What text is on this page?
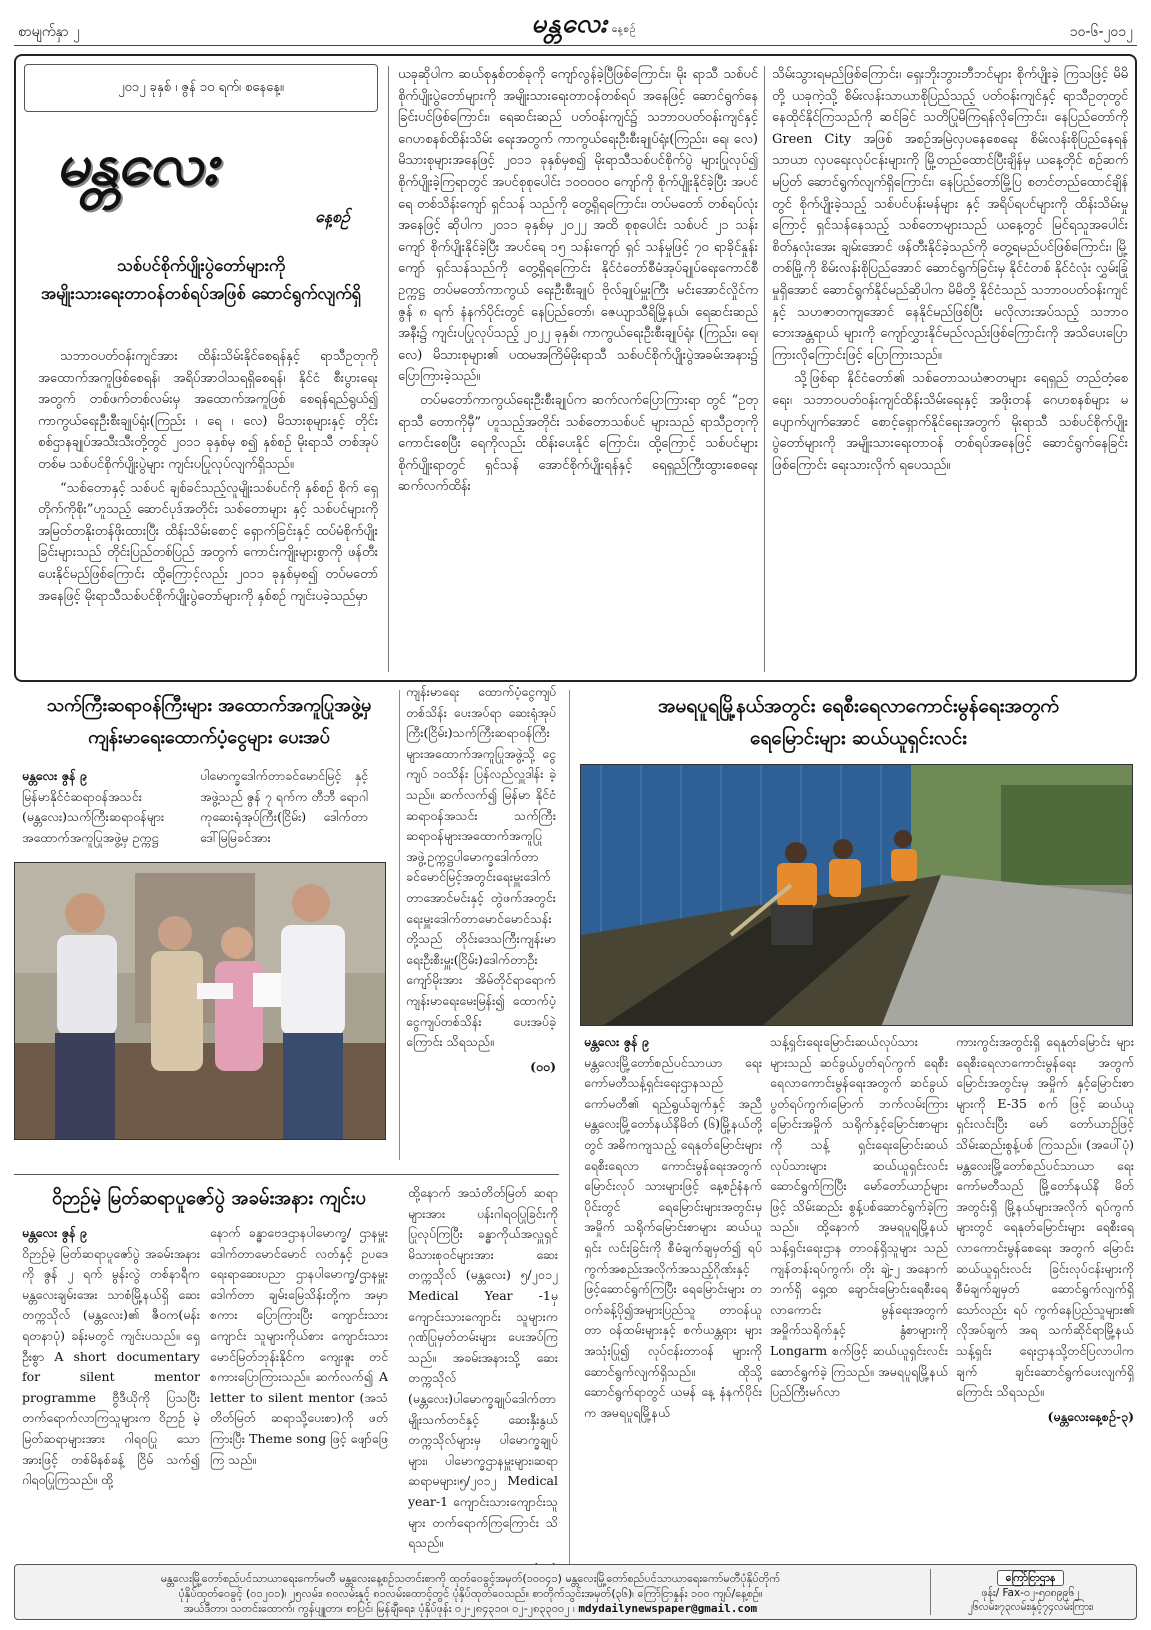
စာမျက်နှာ ၂	မန္တလေး နေ့စဉ်	၁၀-၆-၂၀၁၂
၂၀၁၂ ခုနှစ် ၊ ဇွန် ၁၀ ရက်၊ စနေနေ့။
မန္တလေး
နေ့စဉ်
သစ်ပင်စိုက်ပျိုးပွဲတော်များကို
အမျိုးသားရေးတာဝန်တစ်ရပ်အဖြစ် ဆောင်ရွက်လျက်ရှိ

သဘာဝပတ်ဝန်းကျင်အား ထိန်းသိမ်းနိုင်စေရန်နှင့် ရာသီဥတုကို အထောက်အကူဖြစ်စေရန်၊ အရိပ်အာဝါသရရှိစေရန်၊ နိုင်ငံ စီးပွားရေးအတွက် တစ်ဖက်တစ်လမ်းမှ အထောက်အကူဖြစ် စေရန်ရည်ရွယ်၍ ကာကွယ်ရေးဦးစီးချုပ်ရုံး(ကြည်း ၊ ရေ ၊ လေ) မိသားစုများနှင့် တိုင်းစစ်ဌာနချုပ်အသီးသီးတို့တွင် ၂၀၁၁ ခုနှစ်မှ စ၍ နှစ်စဉ် မိုးရာသီ တစ်အုပ်တစ်မ သစ်ပင်စိုက်ပျိုးပွဲများ ကျင်းပပြုလုပ်လျက်ရှိသည်။

“သစ်တောနှင့် သစ်ပင် ချစ်ခင်သည့်လူမျိုးသစ်ပင်ကို နှစ်စဉ် စိုက် ရှေ့တိုက်ကိုစိုး”ဟူသည့် ဆောင်ပုဒ်အတိုင်း သစ်တောများ နှင့် သစ်ပင်များကို အမြတ်တနိုးတန်ဖိုးထားပြီး ထိန်းသိမ်းစောင့် ရှောက်ခြင်းနှင့် ထပ်မံစိုက်ပျိုးခြင်းများသည် တိုင်းပြည်တစ်ပြည် အတွက် ကောင်းကျိုးများစွာကို ဖန်တီးပေးနိုင်မည်ဖြစ်ကြောင်း ထို့ကြောင့်လည်း ၂၀၁၁ ခုနှစ်မှစ၍ တပ်မတော်အနေဖြင့် မိုးရာသီသစ်ပင်စိုက်ပျိုးပွဲတော်များကို နှစ်စဉ် ကျင်းပခဲ့သည်မှာ

ယခုဆိုပါက ဆယ်စုနှစ်တစ်ခုကို ကျော်လွန်ခဲ့ပြီဖြစ်ကြောင်း၊ မိုး ရာသီ သစ်ပင်စိုက်ပျိုးပွဲတော်များကို အမျိုးသားရေးတာဝန်တစ်ရပ် အနေဖြင့် ဆောင်ရွက်နေခြင်းပင်ဖြစ်ကြောင်း၊ ရေဆင်းဆည် ပတ်ဝန်းကျင်၌ သဘာဝပတ်ဝန်းကျင်နှင့် ဂေဟစနစ်ထိန်းသိမ်း ရေးအတွက် ကာကွယ်ရေးဦးစီးချုပ်ရုံး(ကြည်း၊ ရေ၊ လေ) မိသားစုများအနေဖြင့် ၂၀၁၁ ခုနှစ်မှစ၍ မိုးရာသီသစ်ပင်စိုက်ပွဲ များပြုလုပ်၍ စိုက်ပျိုးခဲ့ကြရာတွင် အပင်စုစုပေါင်း ၁၀၀၀၀၀ ကျော်ကို စိုက်ပျိုးနိုင်ခဲ့ပြီး အပင်ရေ တစ်သိန်းကျော် ရှင်သန် သည်ကို တွေ့ရှိရကြောင်း၊ တပ်မတော် တစ်ရပ်လုံးအနေဖြင့် ဆိုပါက ၂၀၁၁ ခုနှစ်မှ ၂၀၂၂ အထိ စုစုပေါင်း သစ်ပင် ၂၁ သန်းကျော် စိုက်ပျိုးနိုင်ခဲ့ပြီး အပင်ရေ ၁၅ သန်းကျော် ရှင် သန်မှုဖြင့် ၇၀ ရာခိုင်နှုန်းကျော် ရှင်သန်သည်ကို တွေ့ရှိရကြောင်း နိုင်ငံတော်စီမံအုပ်ချုပ်ရေးကောင်စီဥက္ကဋ္ဌ တပ်မတော်ကာကွယ် ရေးဦးစီးချုပ် ဗိုလ်ချုပ်မှူးကြီး မင်းအောင်လှိုင်က ဇွန် ၈ ရက် နံနက်ပိုင်းတွင် နေပြည်တော်၊ ဇေယျာသီရိမြို့နယ်၊ ရေဆင်းဆည် အနီး၌ ကျင်းပပြုလုပ်သည့် ၂၀၂၂ ခုနှစ်၊ ကာကွယ်ရေးဦးစီးချုပ်ရုံး (ကြည်း၊ ရေ၊ လေ) မိသားစုများ၏ ပထမအကြိမ်မိုးရာသီ သစ်ပင်စိုက်ပျိုးပွဲအခမ်းအနား၌ ပြောကြားခဲ့သည်။

တပ်မတော်ကာကွယ်ရေးဦးစီးချုပ်က ဆက်လက်ပြောကြားရာ တွင် “ဥတုရာသီ တောကိုမှီ” ဟူသည့်အတိုင်း သစ်တောသစ်ပင် များသည် ရာသီဥတုကိုကောင်းစေပြီး ရေကိုလည်း ထိန်းပေးနိုင် ကြောင်း၊ ထို့ကြောင့် သစ်ပင်များစိုက်ပျိုးရာတွင် ရှင်သန် အောင်စိုက်ပျိုးရန်နှင့် ရေရှည်ကြီးထွားစေရေး ဆက်လက်ထိန်း

သိမ်းသွားရမည်ဖြစ်ကြောင်း၊ ရှေးဘိုးဘွားဘီဘင်များ စိုက်ပျိုးခဲ့ ကြသဖြင့် မိမိတို့ ယခုကဲ့သို့ စိမ်းလန်းသာယာစိုပြည်သည့် ပတ်ဝန်းကျင်နှင့် ရာသီဥတုတွင် နေထိုင်နိုင်ကြသည်ကို ဆင်ခြင် သတိပြုမိကြရန်လိုကြောင်း၊ နေပြည်တော်ကို Green City အဖြစ် အစဉ်အမြဲလှပနေစေရေး စိမ်းလန်းစိုပြည်နေရန် သာယာ လှပရေးလုပ်ငန်းများကို မြို့တည်ထောင်ပြီးချိန်မှ ယနေ့တိုင် စဉ်ဆက်မပြတ် ဆောင်ရွက်လျက်ရှိကြောင်း၊ နေပြည်တော်မြို့ပြ စတင်တည်ထောင်ချိန်တွင် စိုက်ပျိုးခဲ့သည့် သစ်ပင်ပန်းမန်များ နှင့် အရိပ်ရပင်များကို ထိန်းသိမ်းမှုကြောင့် ရှင်သန်နေသည့် သစ်တောများသည် ယနေ့တွင် မြင်ရသူအပေါင်း စိတ်နှလုံးအေး ချမ်းအောင် ဖန်တီးနိုင်ခဲ့သည်ကို တွေ့ရမည်ပင်ဖြစ်ကြောင်း၊ မြို့တစ်မြို့ကို စိမ်းလန်းစိုပြည်အောင် ဆောင်ရွက်ခြင်းမှ နိုင်ငံတစ် နိုင်ငံလုံး လွှမ်းခြုံမှုရှိအောင် ဆောင်ရွက်နိုင်မည်ဆိုပါက မိမိတို့ နိုင်ငံသည် သဘာဝပတ်ဝန်းကျင်နှင့် သဟဇာတကျအောင် နေနိုင်မည်ဖြစ်ပြီး မလိုလားအပ်သည့် သဘာဝဘေးအန္တရာယ် များကို ကျော်လွှားနိုင်မည်လည်းဖြစ်ကြောင်းကို အသိပေးပြော ကြားလိုကြောင်းဖြင့် ပြောကြားသည်။

သို့ဖြစ်ရာ နိုင်ငံတော်၏ သစ်တောသယံဇာတများ ရေရှည် တည်တံ့စေရေး၊ သဘာဝပတ်ဝန်းကျင်ထိန်းသိမ်းရေးနှင့် အဖိုးတန် ဂေဟစနစ်များ မပျောက်ပျက်အောင် စောင့်ရှောက်နိုင်ရေးအတွက် မိုးရာသီ သစ်ပင်စိုက်ပျိုးပွဲတော်များကို အမျိုးသားရေးတာဝန် တစ်ရပ်အနေဖြင့် ဆောင်ရွက်နေခြင်းဖြစ်ကြောင်း ရေးသားလိုက် ရပေသည်။

သက်ကြီးဆရာဝန်ကြီးများ အထောက်အကူပြုအဖွဲ့မှ
ကျန်းမာရေးထောက်ပံ့ငွေများ ပေးအပ်
မန္တလေး ဇွန် ၉
မြန်မာနိုင်ငံဆရာဝန်အသင်း (မန္တလေး)သက်ကြီးဆရာဝန်များ အထောက်အကူပြုအဖွဲ့မှ ဥက္ကဋ္ဌ
ပါမောက္ခဒေါက်တာခင်မောင်မြင့် နှင့်အဖွဲ့သည် ဇွန် ၇ ရက်က တီဘီ ရောဂါကုဆေးရုံအုပ်ကြီး(ငြိမ်း) ဒေါက်တာ ဒေါ်မြမြခင်အား
ကျန်းမာရေး ထောက်ပံ့ငွေကျပ် တစ်သိန်း ပေးအပ်ရာ ဆေးရုံအုပ်ကြီး(ငြိမ်း)သက်ကြီးဆရာဝန်ကြီး များအထောက်အကူပြုအဖွဲ့သို့ ငွေကျပ် ၁၀သိန်း ပြန်လည်လှူဒါန်း ခဲ့သည်။ ဆက်လက်၍ မြန်မာ နိုင်ငံဆရာဝန်အသင်း သက်ကြီး ဆရာဝန်များအထောက်အကူပြု အဖွဲ့ဥက္ကဋ္ဌပါမောက္ခဒေါက်တာ ခင်မောင်မြင့်အတွင်းရေးမှူးဒေါက် တာအောင်မင်းနှင့် တွဲဖက်အတွင်း ရေးမှူးဒေါက်တာမောင်မောင်သန်း တို့သည် တိုင်းဒေသကြီးကျန်းမာ ရေးဦးစီးမှူး(ငြိမ်း)ဒေါက်တာဦး ကျော်မိုးအား အိမ်တိုင်ရာရောက် ကျန်းမာရေးမေးမြန်း၍ ထောက်ပံ့ ငွေကျပ်တစ်သိန်း ပေးအပ်ခဲ့ကြောင်း သိရသည်။
(ဝဝ)
ဝိဉာဉ်မဲ့ မြတ်ဆရာပူဇော်ပွဲ အခမ်းအနား ကျင်းပ
မန္တလေး ဇွန် ၉
ဝိဉာဉ်မဲ့ မြတ်ဆရာပူဇော်ပွဲ အခမ်းအနားကို ဇွန် ၂ ရက် မွန်းလွဲ တစ်နာရီက မန္တလေးချမ်းအေး သာစံမြို့နယ်ရှိ ဆေးတက္ကသိုလ် (မန္တလေး)၏ ဇီဝက(မန်းရတနာပုံ) ခန်းမတွင် ကျင်းပသည်။ ရှေ့ဦးစွာ A short documentary for silent mentor programme ဗွီဒီယိုကို ပြသပြီး တက်ရောက်လာကြသူများက ဝိဉာဉ် မဲ့မြတ်ဆရာများအား ဂါရဝပြု သောအားဖြင့် တစ်မိနစ်ခန့် ငြိမ် သက်၍ ဂါရဝပြုကြသည်။ ထို့
နောက် ခန္ဓာဗေဒဌာနပါမောက္ခ/ ဌာနမှူး ဒေါက်တာမောင်မောင် လတ်နှင့် ဥပဒေရေးရာဆေးပညာ ဌာနပါမောက္ခ/ဌာနမှူး ဒေါက်တာ ချမ်းမြေသိန်းတို့က အမှာစကား ပြောကြားပြီး ကျောင်းသားကျောင်း သူများကိုယ်စား ကျောင်းသား မောင်မြတ်ဘုန်းနိုင်က ကျေးဇူး တင်စကားပြောကြားသည်။ ဆက်လက်၍ A letter to silent mentor (အသံတိတ်မြတ် ဆရာသို့ပေးစာ)ကို ဖတ်ကြားပြီး Theme song ဖြင့် ဖျော်ဖြေကြ သည်။
ထို့နောက် အသံတိတ်မြတ် ဆရာများအား ပန်းဂါရဝပြုခြင်းကို ပြုလုပ်ကြပြီး ခန္ဓာကိုယ်အလှူရှင် မိသားစုဝင်များအား ဆေးတက္ကသိုလ် (မန္တလေး) ၅/၂၀၁၂ Medical Year -1မှ ကျောင်းသားကျောင်း သူများက ဂုဏ်ပြုမှတ်တမ်းများ ပေးအပ်ကြသည်။ အခမ်းအနားသို့ ဆေးတက္ကသိုလ် (မန္တလေး)ပါမောက္ခချုပ်ဒေါက်တာ မျိုးသက်တင်နှင့် ဆေးနှီးနွယ် တက္ကသိုလ်များမှ ပါမောက္ခချုပ် များ၊ ပါမောက္ခဌာနမှူးများ၊ဆရာ ဆရာမများ၊၅/၂၀၁၂ Medical year-1 ကျောင်းသားကျောင်းသူ များ တက်ရောက်ကြကြောင်း သိရသည်။
အမရပူရမြို့နယ်အတွင်း ရေစီးရေလာကောင်းမွန်ရေးအတွက်
ရေမြောင်းများ ဆယ်ယူရှင်းလင်း
မန္တလေး ဇွန် ၉
မန္တလေးမြို့တော်စည်ပင်သာယာ ရေးကော်မတီသန့်ရှင်းရေးဌာနသည် ကော်မတီ၏ ရည်ရွယ်ချက်နှင့် အညီ မန္တလေးမြို့တော်နယ်နိမိတ် (၆)မြို့နယ်တို့တွင် အဓိကကျသည့် ရေနုတ်မြောင်းများ ရေစီးရေလာ ကောင်းမွန်ရေးအတွက် မြောင်းလုပ် သားများဖြင့် နေ့စဉ်နံနက်ပိုင်းတွင် ရေမြောင်းများအတွင်းမှ အမှိုက် သရိုက်မြောင်းစာများ ဆယ်ယူရှင်း လင်းခြင်းကို စီမံချက်ချမှတ်၍ ရပ် ကွက်အစည်းအလိုက်အသည့်ဂိုဏ်းနှင့် ဖြင့်ဆောင်ရွက်ကြပြီး ရေမြောင်းများ တဝက်ခန့်ပို၍အများပြည်သူ တာဝန်ယူ တာ ဝန်ထမ်းများနှင့် စက်ယန္တရား များအသုံးပြု၍ လုပ်ငန်းတာဝန် များကို ဆောင်ရွက်လျက်ရှိသည်။ ထိုသို့ဆောင်ရွက်ရာတွင် ယမန် နေ့ နံနက်ပိုင်းက အမရပူရမြို့နယ်
သန့်ရှင်းရေးမြောင်းဆယ်လုပ်သား များသည် ဆင်ခွယ်ပွတ်ရပ်ကွက် ရေစီးရေလာကောင်းမွန်ရေးအတွက် ဆင်ခွယ်ပွတ်ရပ်ကွက်၊မြောက် ဘက်လမ်းကြား မြောင်းအမှိုက် သရိုက်နှင့်မြောင်းစာများကို သန့် ရှင်းရေးမြောင်းဆယ်လုပ်သားများ ဆယ်ယူရှင်းလင်းဆောင်ရွက်ကြပြီး မော်တော်ယာဉ်များဖြင့် သိမ်းဆည်း စွန့်ပစ်ဆောင်ရွက်ခဲ့ကြသည်။ ထို့နောက် အမရပူရမြို့နယ် သန့်ရှင်းရေးဌာန တာဝန်ရှိသူများ သည် ကျန်တန်းရပ်ကွက်၊ တိုး ချဲ့-၂ အနောက်ဘက်ရှိ ရှေ့ထ ချောင်းမြောင်းရေစီးရေလာကောင်း မွန်ရေးအတွက် အမှိုက်သရိုက်နှင့် နွံစာများကို Longarm စက်ဖြင့် ဆယ်ယူရှင်းလင်း ဆောင်ရွက်ခဲ့ ကြသည်။ အမရပူရမြို့နယ် ပြည်ကြီးမဂ်လာ
ကားကွင်းအတွင်းရှိ ရေနုတ်မြောင်း များ ရေစီးရေလာကောင်းမွန်ရေး အတွက် မြောင်းအတွင်းမှ အမှိုက် နှင့်မြောင်းစာများကို E-35 စက် ဖြင့် ဆယ်ယူရှင်းလင်းပြီး မော် တော်ယာဉ်ဖြင့် သိမ်းဆည်းစွန့်ပစ် ကြသည်။ (အပေါ်ပုံ) မန္တလေးမြို့တော်စည်ပင်သာယာ ရေးကော်မတီသည် မြို့တော်နယ်နိ မိတ်အတွင်းရှိ မြို့နယ်များအလိုက် ရပ်ကွက်များတွင် ရေနုတ်မြောင်းများ ရေစီးရေလာကောင်းမွန်စေရေး အတွက် မြောင်းဆယ်ယူရှင်းလင်း ခြင်းလုပ်ငန်းများကို စီမံချက်ချမှတ် ဆောင်ရွက်လျက်ရှိသော်လည်း ရပ် ကွက်နေပြည်သူများ၏ လိုအပ်ချက် အရ သက်ဆိုင်ရာမြို့နယ်သန့်ရှင်း ရေးဌာနသို့တင်ပြလာပါက ချက် ချင်းဆောင်ရွက်ပေးလျက်ရှိကြောင်း သိရသည်။
(မန္တလေးနေ့စဉ်-၃)
မန္တလေးမြို့တော်စည်ပင်သာယာရေးကော်မတီ မန္တလေးနေ့စဉ်သတင်းစာကို ထုတ်ဝေခွင့်အမှတ်(၁၀၀၄၁) မန္တလေးမြို့တော်စည်ပင်သာယာရေးကော်မတီပုံနှိပ်တိုက်
ပုံနှိပ်ထုတ်ဝေခွင့် (၀၁၂၀၁)၊ ၂၅လမ်း၊ ၈၀လမ်းနှင့် ၈၁လမ်းထောင့်တွင် ပုံနှိပ်ထုတ်ဝေသည်။ စာတိုက်သွင်းအမှတ်(၃၆)၊ ကြော်ငြာနှုန်း ၁၀၀ ကျပ်/နေ့စဉ်။
အယ်ဒီတာ၊ သတင်းထောက်၊ ကွန်ပျူတာ၊ စာပြင်၊ မြန်ချီရေး၊ ပုံနှိပ်ဖုန်း ၀၂-၂၈၄၃၁၀၊ ၀၂-၂၈၃၃၀၀၂ ၊ mdydailynewspaper@gmail.com
ကြော်ငြာဌာန
ဖုန်း/ Fax-၀၂-၅၀၈၉၉၆၂
၂၆လမ်း၊၇၃လမ်း၊နှင့်၇၄လမ်းကြား၊
